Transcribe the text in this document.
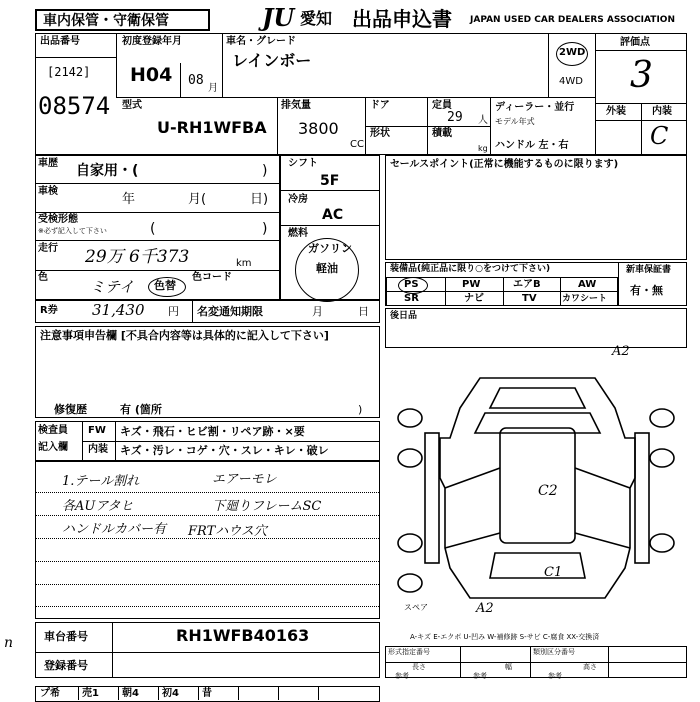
車内保管・守衛保管	JU 愛知 出品申込書 JAPAN USED CAR DEALERS ASSOCIATION
出品番号
[2142]
08574
初度登録年月
H04 08
月
車名・グレード
レインボー	2WD
4WD
評価点
3
型式
U-RH1WFBA
排気量
3800
CC
ドア
形状
定員
29 人
積載
kg
ディーラー・並行
モデル年式
ハンドル 左・右
外装	内装
C
車歴 自家用・(	)
車検
年	月(	日)
受検形態
※必ず記入して下さい	(	)
走行 29万 6千373	km
色
ミテイ 色替
色コード
シフト
5F
冷房
AC
燃料
ガソリン
軽油
R券 31,430 円 名変通知期限	月	日
セールスポイント(正常に機能するものに限ります)
装備品(純正品に限り○をつけて下さい)
PS	PW	エアB	AW
SR	ナビ	TV	カワシート
新車保証書
有・無
後日品
注意事項申告欄 [不具合内容等は具体的に記入して下さい]
修復歴	有 (箇所	)
検査員
記入欄
FW キズ・飛石・ヒビ割・リペア跡・×要
内装 キズ・汚レ・コゲ・穴・スレ・キレ・破レ
1.テール割れ	エアーモレ
各AUアタヒ	下廻りフレームSC
ハンドルカバー有 FRTハウス穴
A2
C2
C1
A2
スペア
A-キズ E-エクボ U-凹み W-補修跡 S-サビ C-腐食 XX-交換済
n	車台番号	RH1WFB40163
登録番号
形式指定番号	類別区分番号
長さ	幅	高さ
参考	参考	参考
プ希 売1 朝4 初4 昔
